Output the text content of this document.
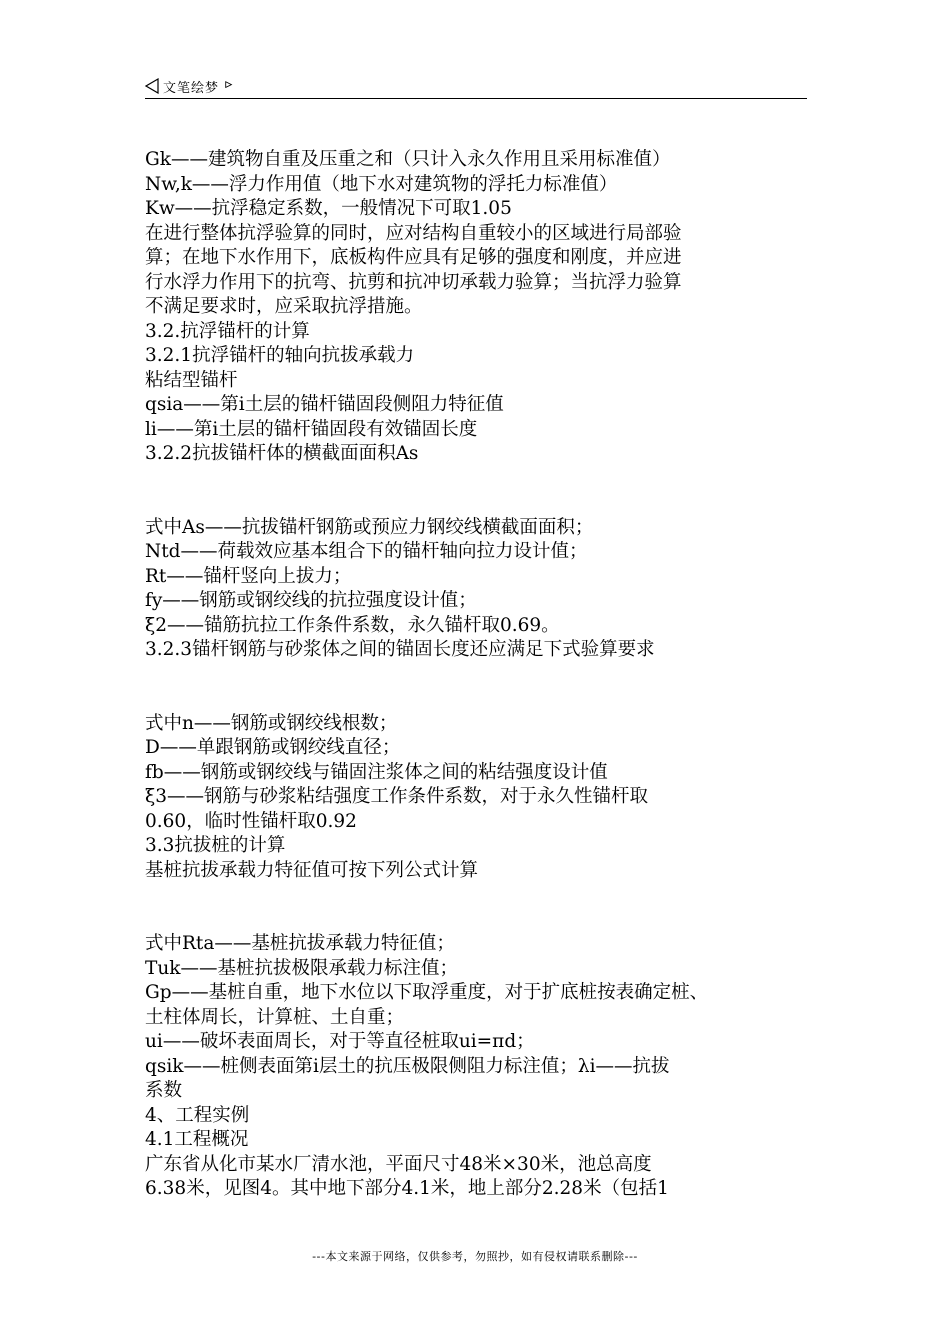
文笔绘梦
Gk——建筑物自重及压重之和（只计入永久作用且采用标准值）
Nw,k——浮力作用值（地下水对建筑物的浮托力标准值）
Kw——抗浮稳定系数，一般情况下可取1.05
在进行整体抗浮验算的同时，应对结构自重较小的区域进行局部验
算；在地下水作用下，底板构件应具有足够的强度和刚度，并应进
行水浮力作用下的抗弯、抗剪和抗冲切承载力验算；当抗浮力验算
不满足要求时，应采取抗浮措施。
3.2.抗浮锚杆的计算
3.2.1抗浮锚杆的轴向抗拔承载力
粘结型锚杆
qsia——第i土层的锚杆锚固段侧阻力特征值
li——第i土层的锚杆锚固段有效锚固长度
3.2.2抗拔锚杆体的横截面面积As
式中As——抗拔锚杆钢筋或预应力钢绞线横截面面积；
Ntd——荷载效应基本组合下的锚杆轴向拉力设计值；
Rt——锚杆竖向上拔力；
fy——钢筋或钢绞线的抗拉强度设计值；
ξ2——锚筋抗拉工作条件系数，永久锚杆取0.69。
3.2.3锚杆钢筋与砂浆体之间的锚固长度还应满足下式验算要求
式中n——钢筋或钢绞线根数；
D——单跟钢筋或钢绞线直径；
fb——钢筋或钢绞线与锚固注浆体之间的粘结强度设计值
ξ3——钢筋与砂浆粘结强度工作条件系数，对于永久性锚杆取
0.60，临时性锚杆取0.92
3.3抗拔桩的计算
基桩抗拔承载力特征值可按下列公式计算
式中Rta——基桩抗拔承载力特征值；
Tuk——基桩抗拔极限承载力标注值；
Gp——基桩自重，地下水位以下取浮重度，对于扩底桩按表确定桩、
土柱体周长，计算桩、土自重；
ui——破坏表面周长，对于等直径桩取ui=πd；
qsik——桩侧表面第i层土的抗压极限侧阻力标注值；λi——抗拔
系数
4、工程实例
4.1工程概况
广东省从化市某水厂清水池，平面尺寸48米×30米，池总高度
6.38米，见图4。其中地下部分4.1米，地上部分2.28米（包括1
---本文来源于网络，仅供参考，勿照抄，如有侵权请联系删除---
